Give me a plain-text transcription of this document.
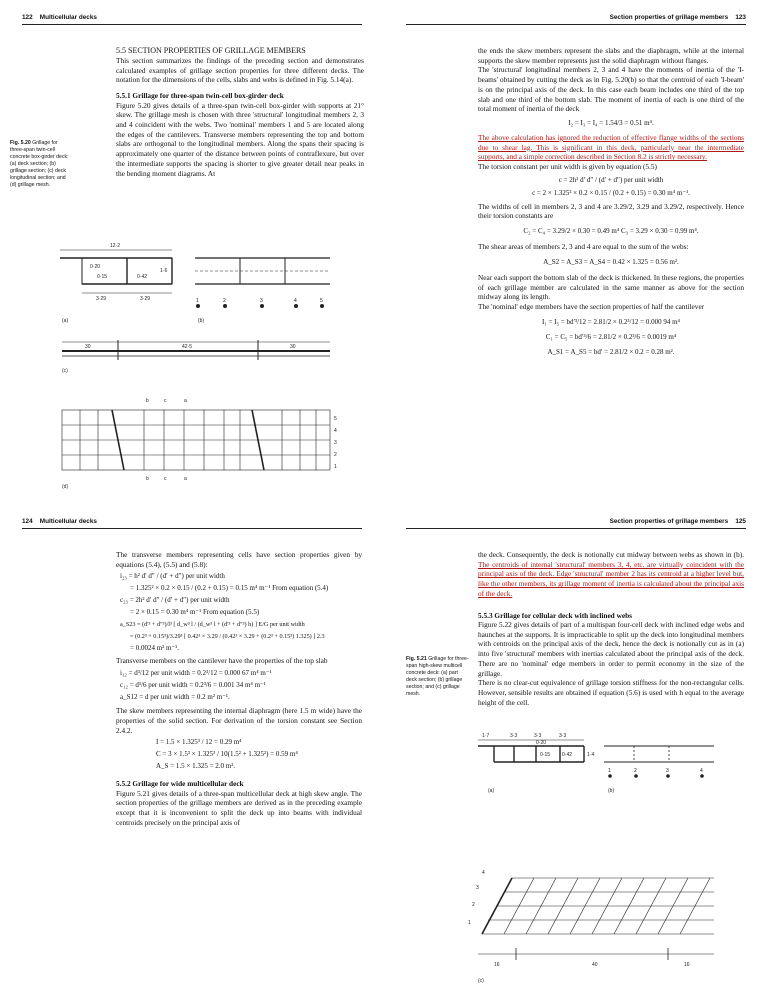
122 Multicellular decks

5.5 SECTION PROPERTIES OF GRILLAGE MEMBERS

This section summarizes the findings of the preceding section and demonstrates calculated examples of grillage section properties for three different decks. The notation for the dimensions of the cells, slabs and webs is defined in Fig. 5.14(a).

5.5.1 Grillage for three-span twin-cell box-girder deck

Figure 5.20 gives details of a three-span twin-cell box-girder with supports at 21° skew. The grillage mesh is chosen with three 'structural' longitudinal members 2, 3 and 4 coincident with the webs. Two 'nominal' members 1 and 5 are located along the edges of the cantilevers. Transverse members representing the top and bottom slabs are orthogonal to the longitudinal members. Along the spans their spacing is approximately one quarter of the distance between points of contraflexure, but over the intermediate supports the spacing is shorter to give greater detail near peaks in the bending moment diagrams. At

Fig. 5.20 Grillage for three-span twin-cell concrete box-girder deck: (a) deck section; (b) grillage section; (c) deck longitudinal section; and (d) grillage mesh.
12·2
0·20
0·15	0·42
1·6
3·29	3·29
(a)
1	2	3	4	5
(b)
30	42·5	30
(c)
b	c	a
b	c	a
5
4
3
2
1
(d)
Section properties of grillage members 123

the ends the skew members represent the slabs and the diaphragm, while at the internal supports the skew member represents just the solid diaphragm without flanges.

The 'structural' longitudinal members 2, 3 and 4 have the moments of inertia of the 'I-beams' obtained by cutting the deck as in Fig. 5.20(b) so that the centroid of each 'I-beam' is on the principal axis of the deck. In this case each beam includes one third of the top slab and one third of the bottom slab. The moment of inertia of each is one third of the total moment of inertia of the deck

I₂ = I₃ = I₄ = 1.54/3 = 0.51 m⁴.

The above calculation has ignored the reduction of effective flange widths of the sections due to shear lag. This is significant in this deck, particularly near the intermediate supports, and a simple correction described in Section 8.2 is strictly necessary.

The torsion constant per unit width is given by equation (5.5)

c = 2h² d′ d″ / (d′ + d″) per unit width

c = 2 × 1.325² × 0.2 × 0.15 / (0.2 + 0.15) = 0.30 m⁴ m⁻¹.

The widths of cell in members 2, 3 and 4 are 3.29/2, 3.29 and 3.29/2, respectively. Hence their torsion constants are

C₂ = C₄ = 3.29/2 × 0.30 = 0.49 m⁴ C₃ = 3.29 × 0.30 = 0.99 m⁴.

The shear areas of members 2, 3 and 4 are equal to the sum of the webs:

A_S2 = A_S3 = A_S4 = 0.42 × 1.325 = 0.56 m².

Near each support the bottom slab of the deck is thickened. In these regions, the properties of each grillage member are calculated in the same manner as above for the section midway along its length.

The 'nominal' edge members have the section properties of half the cantilever

I₁ = I₅ = bd′³/12 = 2.81/2 × 0.2³/12 = 0.000 94 m⁴

C₁ = C₅ = bd′³/6 = 2.81/2 × 0.2³/6 = 0.0019 m⁴

A_S1 = A_S5 = bd′ = 2.81/2 × 0.2 = 0.28 m².

124 Multicellular decks

The transverse members representing cells have section properties given by equations (5.4), (5.5) and (5.8):

i₂₃ = h² d′ d″ / (d′ + d″) per unit width

= 1.325² × 0.2 × 0.15 / (0.2 + 0.15) = 0.15 m⁴ m⁻¹ From equation (5.4)

c₂₃ = 2h² d′ d″ / (d′ + d″) per unit width

= 2 × 0.15 = 0.30 m⁴ m⁻¹ From equation (5.5)

a_S23 = (d′³ + d″³)/l³ [ d_w³ l / (d_w³ l + (d′³ + d″³) h) ] E/G per unit width

= (0.2³ + 0.15³)/3.29³ [ 0.42³ × 3.29 / (0.42³ × 3.29 + (0.2³ + 0.15³) 1.325) ] 2.3

= 0.0024 m² m⁻¹.

Transverse members on the cantilever have the properties of the top slab

i₁₂ = d³/12 per unit width = 0.2³/12 = 0.000 67 m⁴ m⁻¹

c₁₂ = d³/6 per unit width = 0.2³/6 = 0.001 34 m⁴ m⁻¹

a_S12 = d per unit width = 0.2 m² m⁻¹.

The skew members representing the internal diaphragm (here 1.5 m wide) have the properties of the solid section. For derivation of the torsion constant see Section 2.4.2.

I = 1.5 × 1.325³ / 12 = 0.29 m⁴

C = 3 × 1.5³ × 1.325³ / 10(1.5² + 1.325²) = 0.59 m⁴

A_S = 1.5 × 1.325 = 2.0 m².

5.5.2 Grillage for wide multicellular deck

Figure 5.21 gives details of a three-span multicellular deck at high skew angle. The section properties of the grillage members are derived as in the preceding example except that it is inconvenient to split the deck up into beams with individual centroids precisely on the principal axis of

Section properties of grillage members 125

the deck. Consequently, the deck is notionally cut midway between webs as shown in (b). The centroids of internal 'structural' members 3, 4, etc. are virtually coincident with the principal axis of the deck. Edge 'structural' member 2 has its centroid at a higher level but, like the other members, its grillage moment of inertia is calculated about the principal axis of the deck.

5.5.3 Grillage for cellular deck with inclined webs

Figure 5.22 gives details of part of a multispan four-cell deck with inclined edge webs and haunches at the supports. It is impracticable to split up the deck into longitudinal members with centroids on the principal axis of the deck, hence the deck is notionally cut as in (a) into five 'structural' members with inertias calculated about the principal axis of the deck. There are no 'nominal' edge members in order to permit economy in the size of the grillage.

There is no clear-cut equivalence of grillage torsion stiffness for the non-rectangular cells. However, sensible results are obtained if equation (5.6) is used with h equal to the average height of the cell.

Fig. 5.21 Grillage for three-span high-skew multicell concrete deck: (a) part deck section; (b) grillage section; and (c) grillage mesh.
1·7	3·3	3·3	3·3
0·20
0·15 0·42	1·4
(a)
1	2	3	4
(b)
4
3
2
1
16	40	16
(c)
